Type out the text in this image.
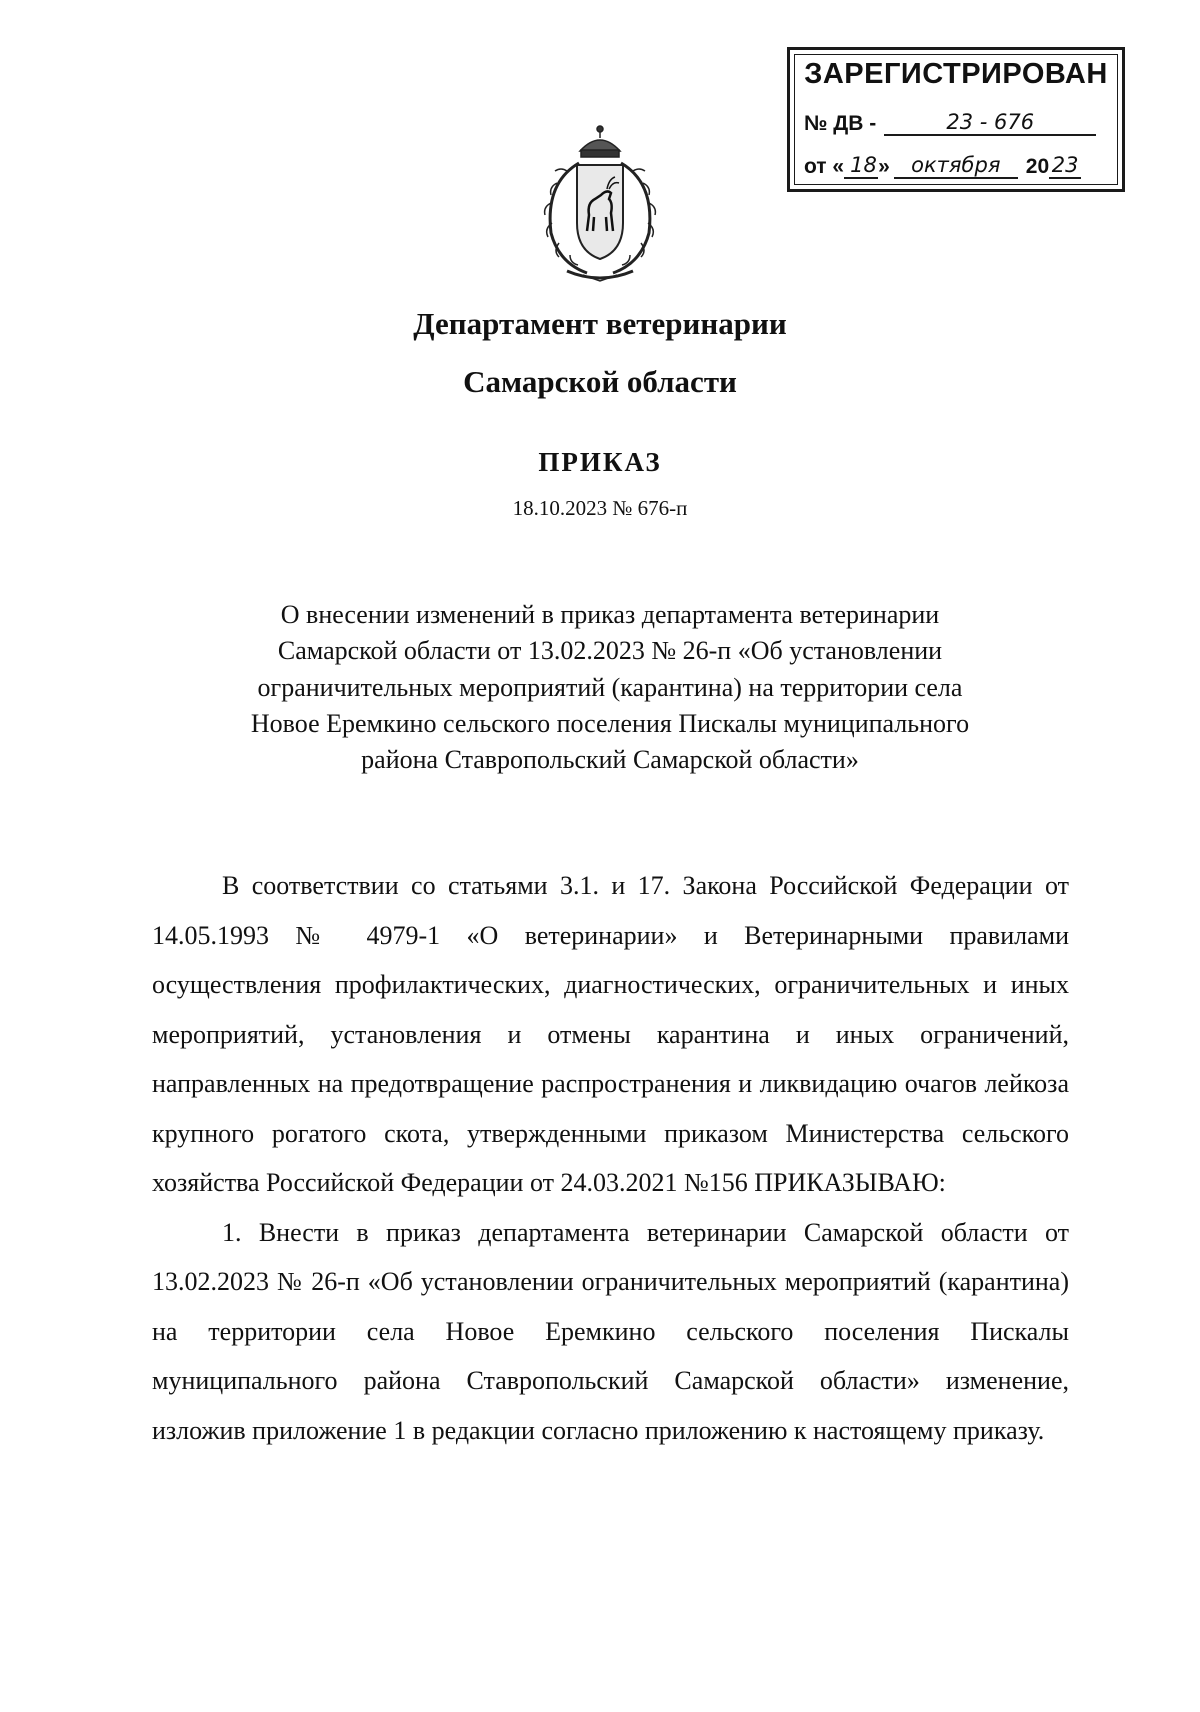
ЗАРЕГИСТРИРОВАН
№ ДВ -	23 - 676
от « 18 »	октября	20 23
Департамент ветеринарии
Самарской области
ПРИКАЗ
18.10.2023 № 676-п
О внесении изменений в приказ департамента ветеринарии
Самарской области от 13.02.2023 № 26-п «Об установлении
ограничительных мероприятий (карантина) на территории села
Новое Еремкино сельского поселения Пискалы муниципального
района Ставропольский Самарской области»

В соответствии со статьями 3.1. и 17. Закона Российской Федерации от 14.05.1993 № 4979-1 «О ветеринарии» и Ветеринарными правилами осуществления профилактических, диагностических, ограничительных и иных мероприятий, установления и отмены карантина и иных ограничений, направленных на предотвращение распространения и ликвидацию очагов лейкоза крупного рогатого скота, утвержденными приказом Министерства сельского хозяйства Российской Федерации от 24.03.2021 №156 ПРИКАЗЫВАЮ:

1. Внести в приказ департамента ветеринарии Самарской области от 13.02.2023 № 26-п «Об установлении ограничительных мероприятий (карантина) на территории села Новое Еремкино сельского поселения Пискалы муниципального района Ставропольский Самарской области» изменение, изложив приложение 1 в редакции согласно приложению к настоящему приказу.
